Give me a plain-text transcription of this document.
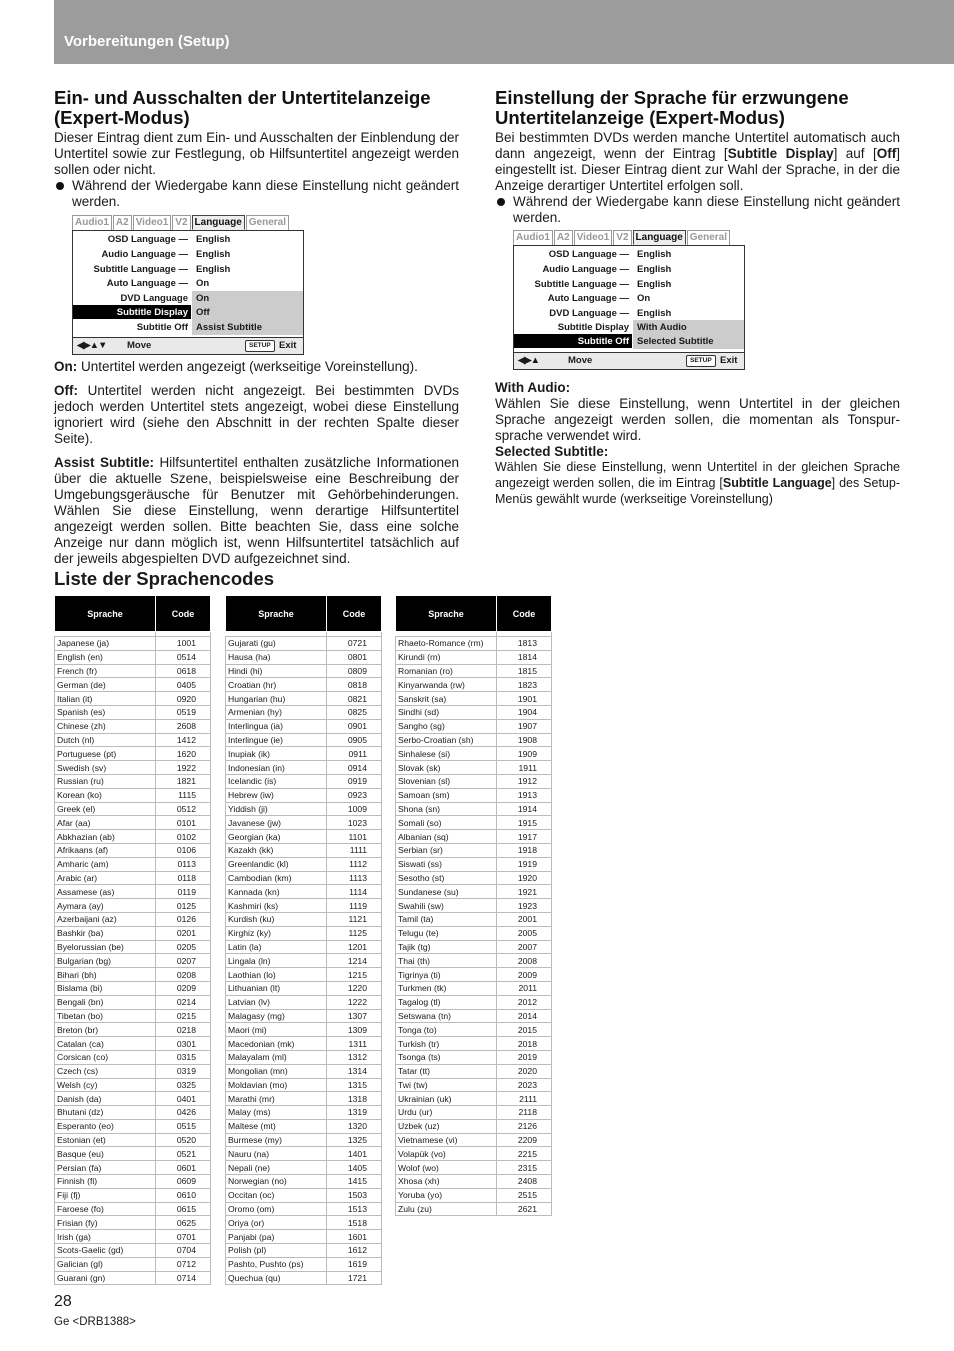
Vorbereitungen (Setup)
Ein- und Ausschalten der Untertitelanzeige (Expert-Modus)

Dieser Eintrag dient zum Ein- und Ausschalten der Einblendung der Untertitel sowie zur Festlegung, ob Hilfsuntertitel angezeigt werden sollen oder nicht.

Während der Wiedergabe kann diese Einstellung nicht geändert werden.
Audio1 A2 Video1 V2 Language General
OSD Language — English
Audio Language — English
Subtitle Language — English
Auto Language — On
DVD Language On
Subtitle Display Off
Subtitle Off Assist Subtitle
◀▶▲▼ Move	SETUP Exit

On: Untertitel werden angezeigt (werkseitige Voreinstellung).

Off: Untertitel werden nicht angezeigt. Bei bestimmten DVDs jedoch werden Untertitel stets angezeigt, wobei diese Einstellung ignoriert wird (siehe den Abschnitt in der rechten Spalte dieser Seite).

Assist Subtitle: Hilfsuntertitel enthalten zusätzliche Informationen über die aktuelle Szene, beispielsweise eine Beschreibung der Umgebungsgeräusche für Benutzer mit Gehörbehinderungen. Wählen Sie diese Einstellung, wenn derartige Hilfsuntertitel angezeigt werden sollen. Bitte beachten Sie, dass eine solche Anzeige nur dann möglich ist, wenn Hilfsuntertitel tatsächlich auf der jeweils abgespielten DVD aufgezeichnet sind.

Einstellung der Sprache für erzwungene Untertitelanzeige (Expert-Modus)

Bei bestimmten DVDs werden manche Untertitel automatisch auch dann angezeigt, wenn der Eintrag [Subtitle Display] auf [Off] eingestellt ist. Dieser Eintrag dient zur Wahl der Sprache, in der die Anzeige derartiger Untertitel erfolgen soll.

Während der Wiedergabe kann diese Einstellung nicht geändert werden.
Audio1 A2 Video1 V2 Language General
OSD Language — English
Audio Language — English
Subtitle Language — English
Auto Language — On
DVD Language — English
Subtitle Display With Audio
Subtitle Off Selected Subtitle
◀▶▲	Move	SETUP Exit

With Audio:

Wählen Sie diese Einstellung, wenn Untertitel in der gleichen Sprache angezeigt werden sollen, die momentan als Tonspur-sprache verwendet wird.

Selected Subtitle:

Wählen Sie diese Einstellung, wenn Untertitel in der gleichen Sprache angezeigt werden sollen, die im Eintrag [Subtitle Language] des Setup-Menüs gewählt wurde (werkseitige Voreinstellung)

Liste der Sprachencodes
Sprache	Code

Japanese (ja)	1001
English (en)	0514
French (fr)	0618
German (de)	0405
Italian (it)	0920
Spanish (es)	0519
Chinese (zh)	2608
Dutch (nl)	1412
Portuguese (pt)	1620
Swedish (sv)	1922
Russian (ru)	1821
Korean (ko)	1115
Greek (el)	0512
Afar (aa)	0101
Abkhazian (ab)	0102
Afrikaans (af)	0106
Amharic (am)	0113
Arabic (ar)	0118
Assamese (as)	0119
Aymara (ay)	0125
Azerbaijani (az)	0126
Bashkir (ba)	0201
Byelorussian (be)	0205
Bulgarian (bg)	0207
Bihari (bh)	0208
Bislama (bi)	0209
Bengali (bn)	0214
Tibetan (bo)	0215
Breton (br)	0218
Catalan (ca)	0301
Corsican (co)	0315
Czech (cs)	0319
Welsh (cy)	0325
Danish (da)	0401
Bhutani (dz)	0426
Esperanto (eo)	0515
Estonian (et)	0520
Basque (eu)	0521
Persian (fa)	0601
Finnish (fi)	0609
Fiji (fj)	0610
Faroese (fo)	0615
Frisian (fy)	0625
Irish (ga)	0701
Scots-Gaelic (gd)	0704
Galician (gl)	0712
Guarani (gn)	0714
Sprache	Code

Gujarati (gu)	0721
Hausa (ha)	0801
Hindi (hi)	0809
Croatian (hr)	0818
Hungarian (hu)	0821
Armenian (hy)	0825
Interlingua (ia)	0901
Interlingue (ie)	0905
Inupiak (ik)	0911
Indonesian (in)	0914
Icelandic (is)	0919
Hebrew (iw)	0923
Yiddish (ji)	1009
Javanese (jw)	1023
Georgian (ka)	1101
Kazakh (kk)	1111
Greenlandic (kl)	1112
Cambodian (km)	1113
Kannada (kn)	1114
Kashmiri (ks)	1119
Kurdish (ku)	1121
Kirghiz (ky)	1125
Latin (la)	1201
Lingala (ln)	1214
Laothian (lo)	1215
Lithuanian (lt)	1220
Latvian (lv)	1222
Malagasy (mg)	1307
Maori (mi)	1309
Macedonian (mk)	1311
Malayalam (ml)	1312
Mongolian (mn)	1314
Moldavian (mo)	1315
Marathi (mr)	1318
Malay (ms)	1319
Maltese (mt)	1320
Burmese (my)	1325
Nauru (na)	1401
Nepali (ne)	1405
Norwegian (no)	1415
Occitan (oc)	1503
Oromo (om)	1513
Oriya (or)	1518
Panjabi (pa)	1601
Polish (pl)	1612
Pashto, Pushto (ps)	1619
Quechua (qu)	1721
Sprache	Code

Rhaeto-Romance (rm)	1813
Kirundi (rn)	1814
Romanian (ro)	1815
Kinyarwanda (rw)	1823
Sanskrit (sa)	1901
Sindhi (sd)	1904
Sangho (sg)	1907
Serbo-Croatian (sh)	1908
Sinhalese (si)	1909
Slovak (sk)	1911
Slovenian (sl)	1912
Samoan (sm)	1913
Shona (sn)	1914
Somali (so)	1915
Albanian (sq)	1917
Serbian (sr)	1918
Siswati (ss)	1919
Sesotho (st)	1920
Sundanese (su)	1921
Swahili (sw)	1923
Tamil (ta)	2001
Telugu (te)	2005
Tajik (tg)	2007
Thai (th)	2008
Tigrinya (ti)	2009
Turkmen (tk)	2011
Tagalog (tl)	2012
Setswana (tn)	2014
Tonga (to)	2015
Turkish (tr)	2018
Tsonga (ts)	2019
Tatar (tt)	2020
Twi (tw)	2023
Ukrainian (uk)	2111
Urdu (ur)	2118
Uzbek (uz)	2126
Vietnamese (vi)	2209
Volapük (vo)	2215
Wolof (wo)	2315
Xhosa (xh)	2408
Yoruba (yo)	2515
Zulu (zu)	2621
28
Ge <DRB1388>
